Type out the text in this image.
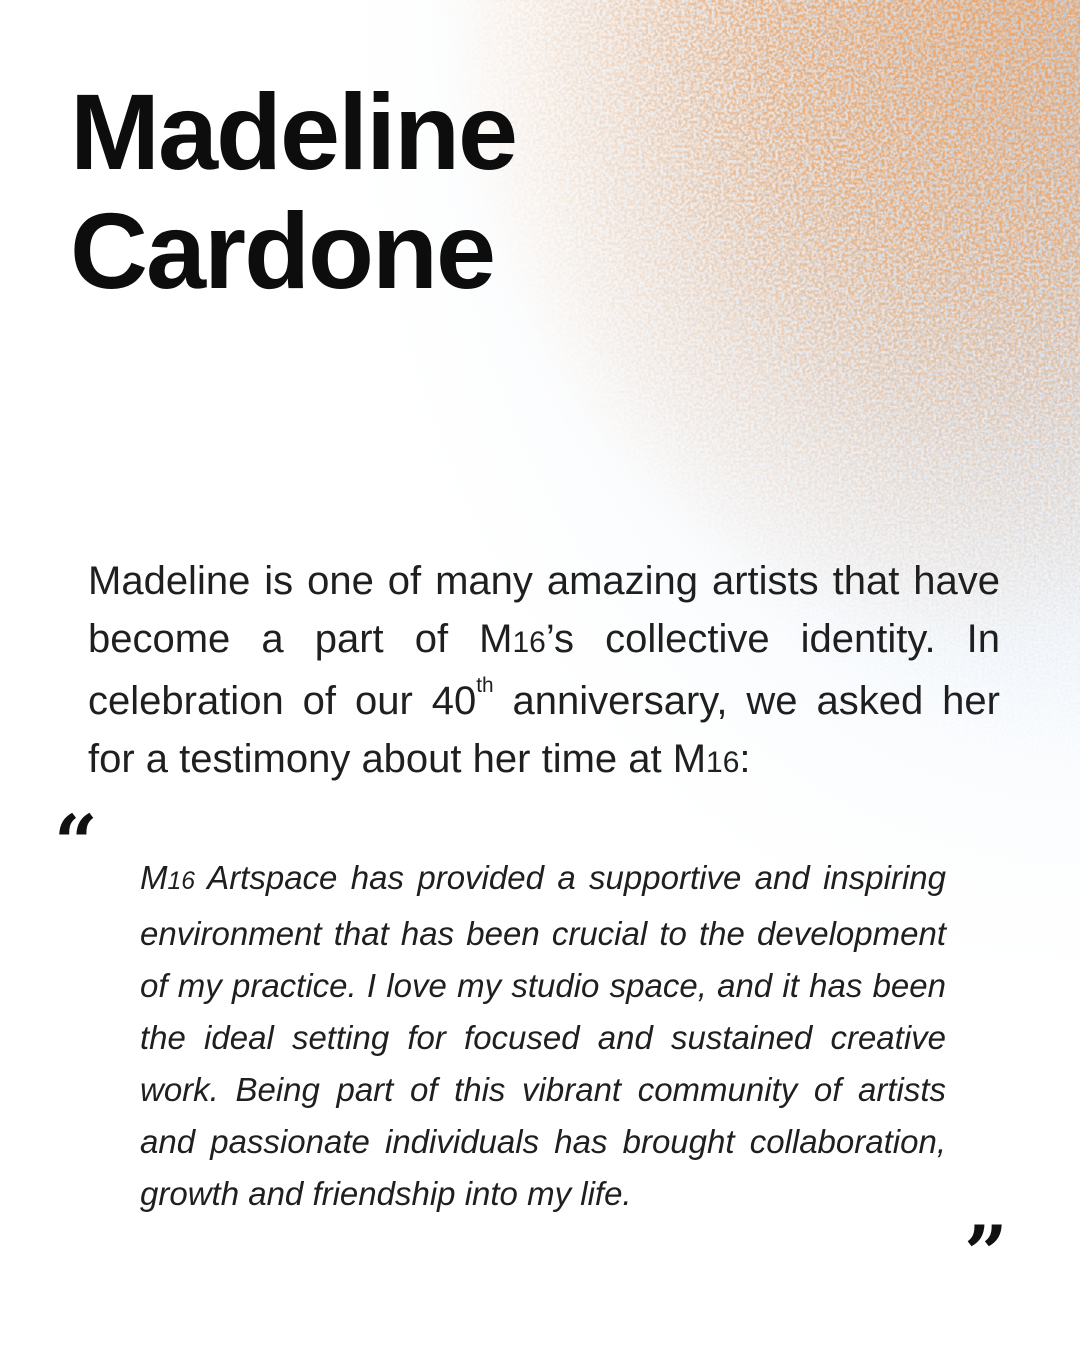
Madeline
Cardone

Madeline is one of many amazing artists that have become a part of M16’s collective identity. In celebration of our 40th anniversary, we asked her for a testimony about her time at M16:

“ M16 Artspace has provided a supportive and inspiring environment that has been crucial to the development of my practice. I love my studio space, and it has been the ideal setting for focused and sustained creative work. Being part of this vibrant community of artists and passionate individuals has brought collaboration, growth and friendship into my life.
”
